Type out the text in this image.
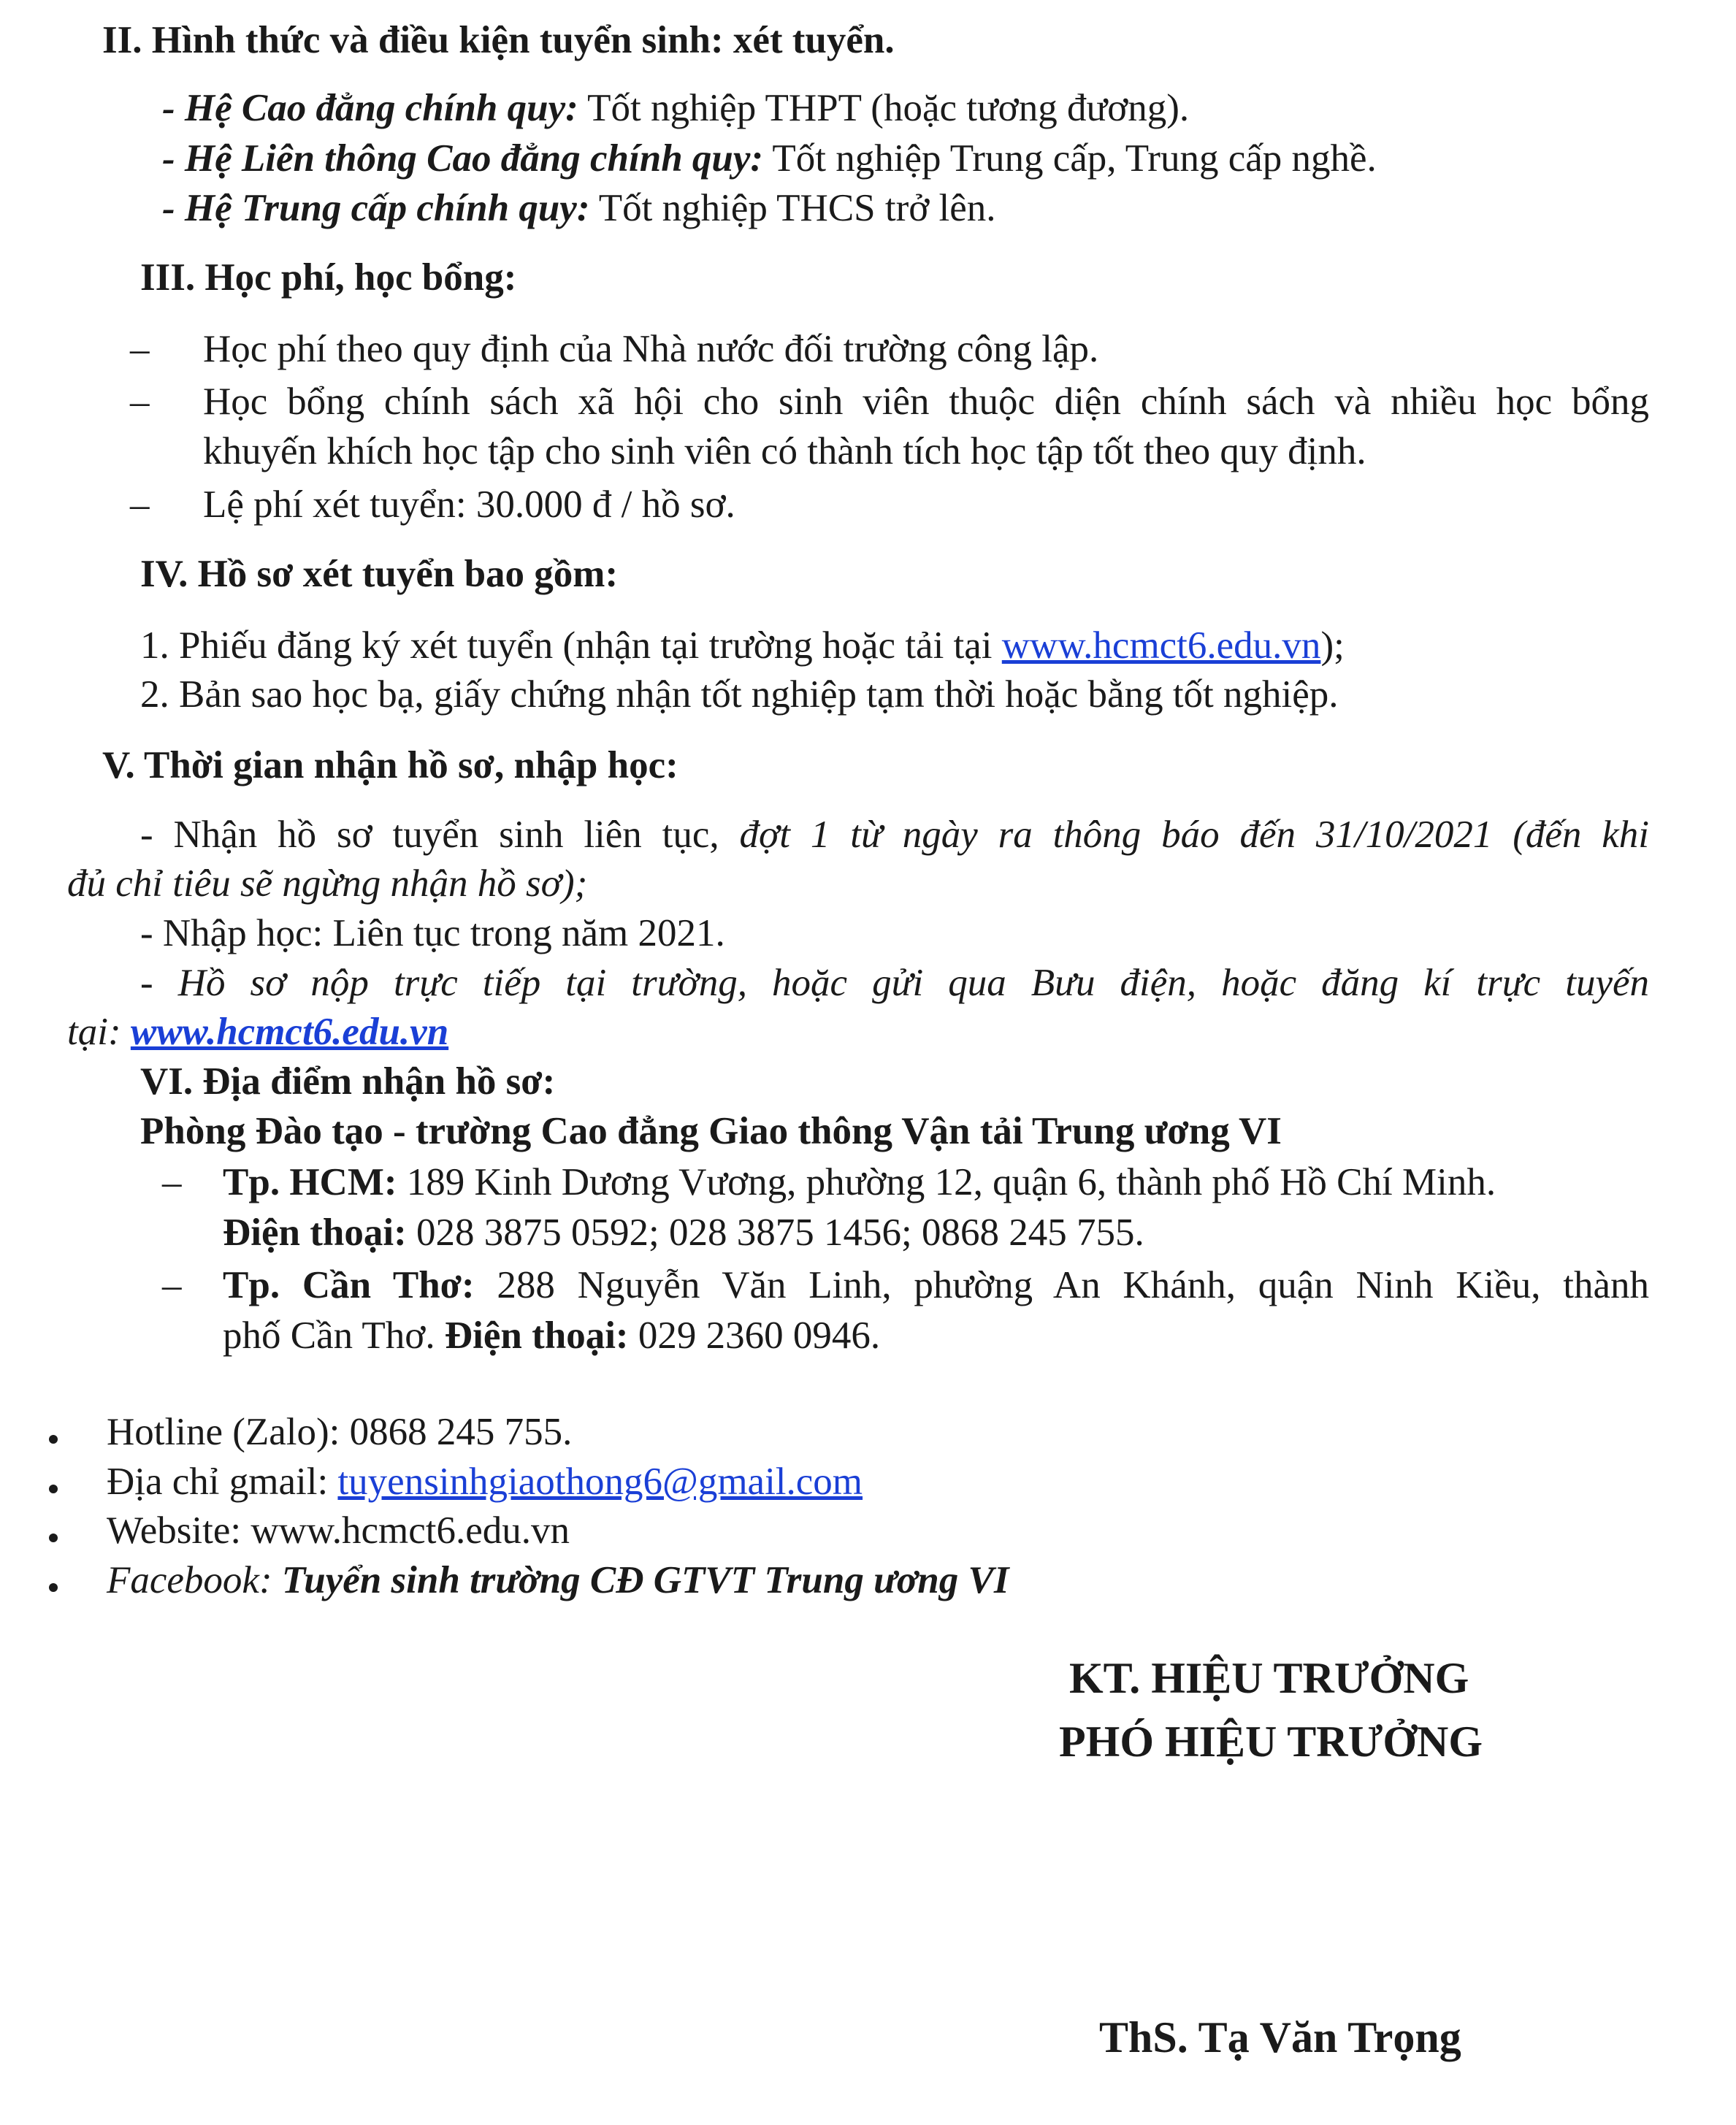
II. Hình thức và điều kiện tuyển sinh: xét tuyển.
- Hệ Cao đẳng chính quy: Tốt nghiệp THPT (hoặc tương đương).
- Hệ Liên thông Cao đẳng chính quy: Tốt nghiệp Trung cấp, Trung cấp nghề.
- Hệ Trung cấp chính quy: Tốt nghiệp THCS trở lên.
III. Học phí, học bổng:
– Học phí theo quy định của Nhà nước đối trường công lập.
– Học bổng chính sách xã hội cho sinh viên thuộc diện chính sách và nhiều học bổng
khuyến khích học tập cho sinh viên có thành tích học tập tốt theo quy định.
– Lệ phí xét tuyển: 30.000 đ / hồ sơ.
IV. Hồ sơ xét tuyển bao gồm:
1. Phiếu đăng ký xét tuyển (nhận tại trường hoặc tải tại www.hcmct6.edu.vn);
2. Bản sao học bạ, giấy chứng nhận tốt nghiệp tạm thời hoặc bằng tốt nghiệp.
V. Thời gian nhận hồ sơ, nhập học:
- Nhận hồ sơ tuyển sinh liên tục, đợt 1 từ ngày ra thông báo đến 31/10/2021 (đến khi
đủ chỉ tiêu sẽ ngừng nhận hồ sơ);
- Nhập học: Liên tục trong năm 2021.
- Hồ sơ nộp trực tiếp tại trường, hoặc gửi qua Bưu điện, hoặc đăng kí trực tuyến
tại: www.hcmct6.edu.vn
VI. Địa điểm nhận hồ sơ:
Phòng Đào tạo - trường Cao đẳng Giao thông Vận tải Trung ương VI
– Tp. HCM: 189 Kinh Dương Vương, phường 12, quận 6, thành phố Hồ Chí Minh.
Điện thoại: 028 3875 0592; 028 3875 1456; 0868 245 755.
– Tp. Cần Thơ: 288 Nguyễn Văn Linh, phường An Khánh, quận Ninh Kiều, thành
phố Cần Thơ. Điện thoại: 029 2360 0946.
Hotline (Zalo): 0868 245 755.
Địa chỉ gmail: tuyensinhgiaothong6@gmail.com
Website: www.hcmct6.edu.vn
Facebook: Tuyển sinh trường CĐ GTVT Trung ương VI
KT. HIỆU TRƯỞNG
PHÓ HIỆU TRƯỞNG
ThS. Tạ Văn Trọng
